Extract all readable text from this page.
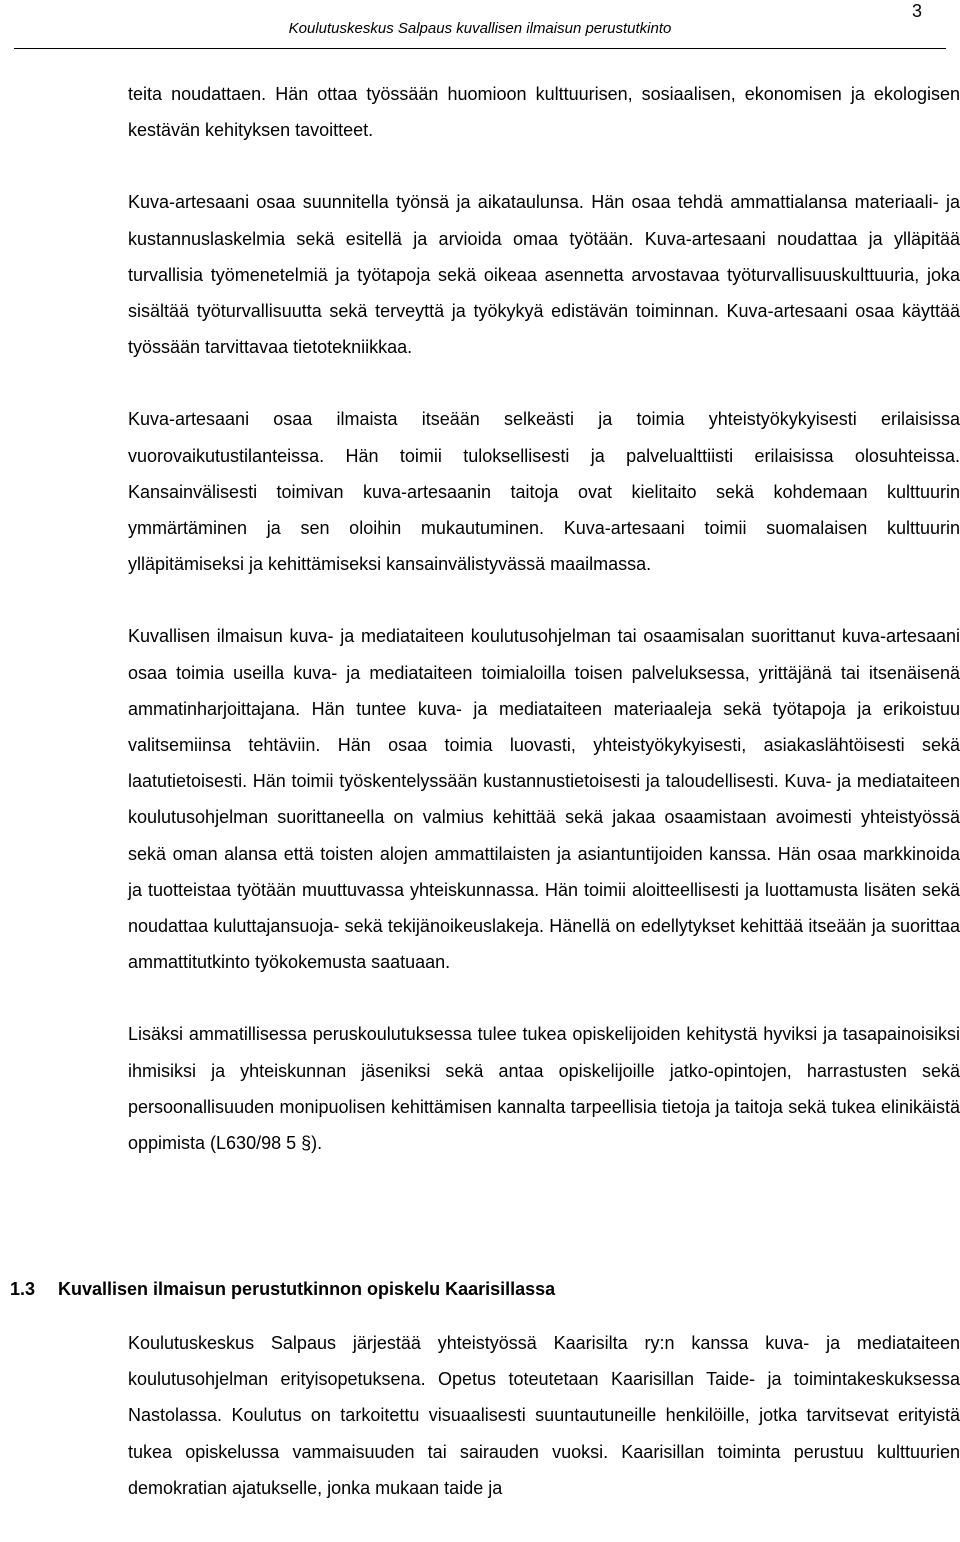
3
Koulutuskeskus Salpaus kuvallisen ilmaisun perustutkinto

teita noudattaen. Hän ottaa työssään huomioon kulttuurisen, sosiaalisen, ekonomisen ja ekologisen kestävän kehityksen tavoitteet.

Kuva-artesaani osaa suunnitella työnsä ja aikataulunsa. Hän osaa tehdä ammattialansa materiaali- ja kustannuslaskelmia sekä esitellä ja arvioida omaa työtään. Kuva-artesaani noudattaa ja ylläpitää turvallisia työmenetelmiä ja työtapoja sekä oikeaa asennetta arvostavaa työturvallisuuskulttuuria, joka sisältää työturvallisuutta sekä terveyttä ja työkykyä edistävän toiminnan. Kuva-artesaani osaa käyttää työssään tarvittavaa tietotekniikkaa.

Kuva-artesaani osaa ilmaista itseään selkeästi ja toimia yhteistyökykyisesti erilaisissa vuorovaikutustilanteissa. Hän toimii tuloksellisesti ja palvelualttiisti erilaisissa olosuhteissa. Kansainvälisesti toimivan kuva-artesaanin taitoja ovat kielitaito sekä kohdemaan kulttuurin ymmärtäminen ja sen oloihin mukautuminen. Kuva-artesaani toimii suomalaisen kulttuurin ylläpitämiseksi ja kehittämiseksi kansainvälistyvässä maailmassa.

Kuvallisen ilmaisun kuva- ja mediataiteen koulutusohjelman tai osaamisalan suorittanut kuva-artesaani osaa toimia useilla kuva- ja mediataiteen toimialoilla toisen palveluksessa, yrittäjänä tai itsenäisenä ammatinharjoittajana. Hän tuntee kuva- ja mediataiteen materiaaleja sekä työtapoja ja erikoistuu valitsemiinsa tehtäviin. Hän osaa toimia luovasti, yhteistyökykyisesti, asiakaslähtöisesti sekä laatutietoisesti. Hän toimii työskentelyssään kustannustietoisesti ja taloudellisesti. Kuva- ja mediataiteen koulutusohjelman suorittaneella on valmius kehittää sekä jakaa osaamistaan avoimesti yhteistyössä sekä oman alansa että toisten alojen ammattilaisten ja asiantuntijoiden kanssa. Hän osaa markkinoida ja tuotteistaa työtään muuttuvassa yhteiskunnassa. Hän toimii aloitteellisesti ja luottamusta lisäten sekä noudattaa kuluttajansuoja- sekä tekijänoikeuslakeja. Hänellä on edellytykset kehittää itseään ja suorittaa ammattitutkinto työkokemusta saatuaan.

Lisäksi ammatillisessa peruskoulutuksessa tulee tukea opiskelijoiden kehitystä hyviksi ja tasapainoisiksi ihmisiksi ja yhteiskunnan jäseniksi sekä antaa opiskelijoille jatko-opintojen, harrastusten sekä persoonallisuuden monipuolisen kehittämisen kannalta tarpeellisia tietoja ja taitoja sekä tukea elinikäistä oppimista (L630/98 5 §).

1.3 Kuvallisen ilmaisun perustutkinnon opiskelu Kaarisillassa

Koulutuskeskus Salpaus järjestää yhteistyössä Kaarisilta ry:n kanssa kuva- ja mediataiteen koulutusohjelman erityisopetuksena. Opetus toteutetaan Kaarisillan Taide- ja toimintakeskuksessa Nastolassa. Koulutus on tarkoitettu visuaalisesti suuntautuneille henkilöille, jotka tarvitsevat erityistä tukea opiskelussa vammaisuuden tai sairauden vuoksi. Kaarisillan toiminta perustuu kulttuurien demokratian ajatukselle, jonka mukaan taide ja
